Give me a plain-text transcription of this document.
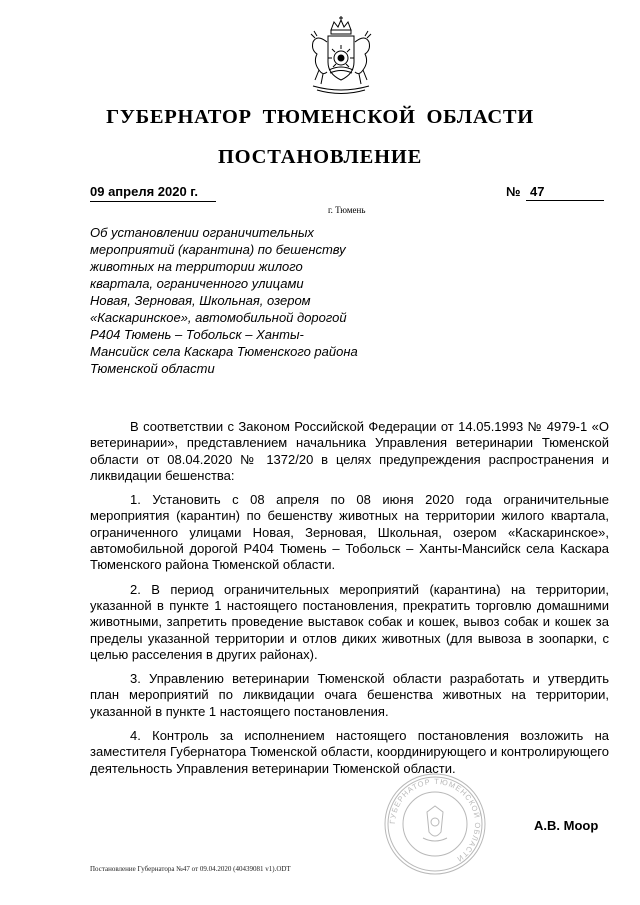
ГУБЕРНАТОР ТЮМЕНСКОЙ ОБЛАСТИ
ПОСТАНОВЛЕНИЕ
09 апреля 2020 г.	№ 47
г. Тюмень
Об установлении ограничительных
мероприятий (карантина) по бешенству
животных на территории жилого
квартала, ограниченного улицами
Новая, Зерновая, Школьная, озером
«Каскаринское», автомобильной дорогой
Р404 Тюмень – Тобольск – Ханты-
Мансийск села Каскара Тюменского района
Тюменской области

В соответствии с Законом Российской Федерации от 14.05.1993 № 4979-1 «О ветеринарии», представлением начальника Управления ветеринарии Тюменской области от 08.04.2020 № 1372/20 в целях предупреждения распространения и ликвидации бешенства:

1. Установить с 08 апреля по 08 июня 2020 года ограничительные мероприятия (карантин) по бешенству животных на территории жилого квартала, ограниченного улицами Новая, Зерновая, Школьная, озером «Каскаринское», автомобильной дорогой Р404 Тюмень – Тобольск – Ханты-Мансийск села Каскара Тюменского района Тюменской области.

2. В период ограничительных мероприятий (карантина) на территории, указанной в пункте 1 настоящего постановления, прекратить торговлю домашними животными, запретить проведение выставок собак и кошек, вывоз собак и кошек за пределы указанной территории и отлов диких животных (для вывоза в зоопарки, с целью расселения в других районах).

3. Управлению ветеринарии Тюменской области разработать и утвердить план мероприятий по ликвидации очага бешенства животных на территории, указанной в пункте 1 настоящего постановления.

4. Контроль за исполнением настоящего постановления возложить на заместителя Губернатора Тюменской области, координирующего и контролирующего деятельность Управления ветеринарии Тюменской области.

ГУБЕРНАТОР ТЮМЕНСКОЙ ОБЛАСТИ
А.В. Моор
Постановление Губернатора №47 от 09.04.2020 (40439081 v1).ODT
